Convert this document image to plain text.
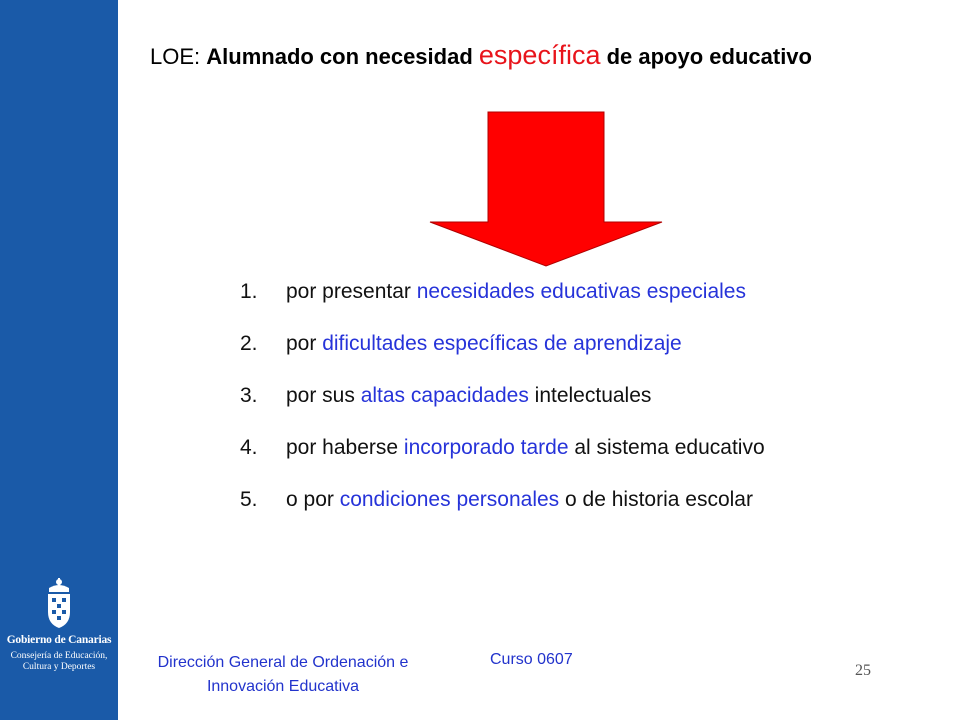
Gobierno de Canarias
Consejería de Educación,
Cultura y Deportes
LOE: Alumnado con necesidad específica de apoyo educativo
1.	por presentar necesidades educativas especiales
2.	por dificultades específicas de aprendizaje
3.	por sus altas capacidades intelectuales
4.	por haberse incorporado tarde al sistema educativo
5.	o por condiciones personales o de historia escolar
Dirección General de Ordenación e
Innovación Educativa
Curso 0607
25
